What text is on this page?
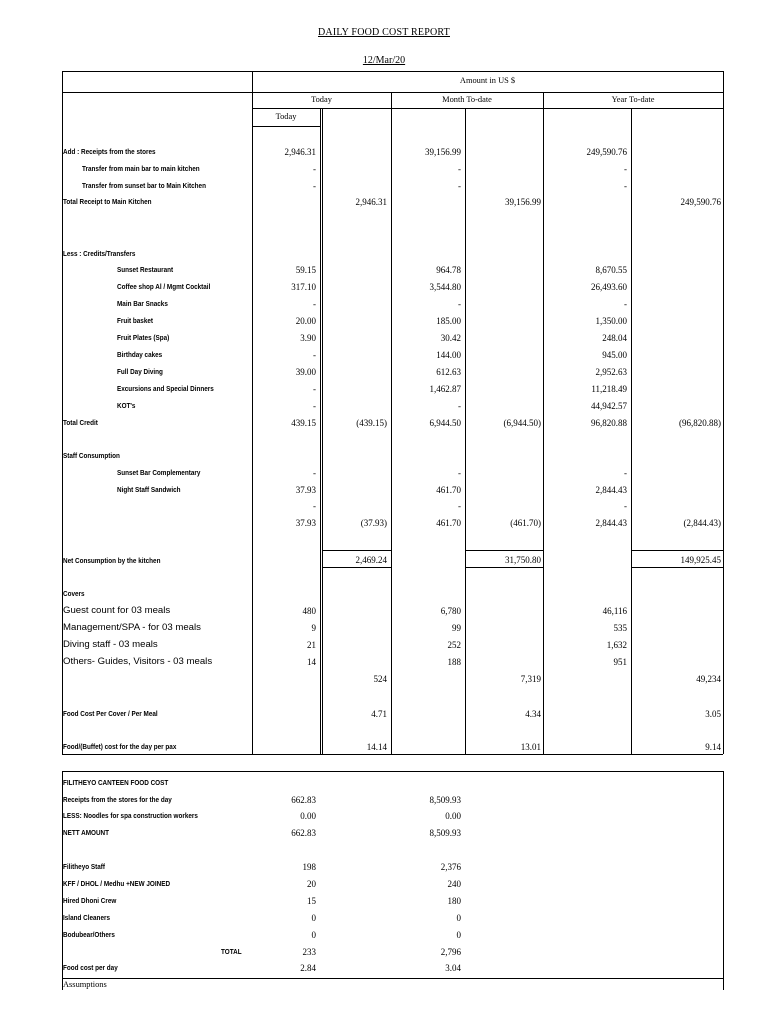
DAILY FOOD COST REPORT
12/Mar/20
Amount in US $
Today	Month To-date	Year To-date
Today
Add : Receipts from the stores	2,946.31	39,156.99	249,590.76
Transfer from main bar to main kitchen	-	-	-
Transfer from sunset bar to Main Kitchen	-	-	-
Total Receipt to Main Kitchen	2,946.31	39,156.99	249,590.76
Less : Credits/Transfers
Sunset Restaurant	59.15	964.78	8,670.55
Coffee shop Al / Mgmt Cocktail	317.10	3,544.80	26,493.60
Main Bar Snacks	-	-	-
Fruit basket	20.00	185.00	1,350.00
Fruit Plates (Spa)	3.90	30.42	248.04
Birthday cakes	-	144.00	945.00
Full Day Diving	39.00	612.63	2,952.63
Excursions and Special Dinners	-	1,462.87	11,218.49
KOT's	-	-	44,942.57
Total Credit	439.15	(439.15)	6,944.50	(6,944.50)	96,820.88	(96,820.88)
Staff Consumption
Sunset Bar Complementary	-	-	-
Night Staff Sandwich	37.93	461.70	2,844.43
-	-	-
37.93	(37.93)	461.70	(461.70)	2,844.43	(2,844.43)
Net Consumption by the kitchen	2,469.24	31,750.80	149,925.45
Covers
Guest count for 03 meals	480	6,780	46,116
Management/SPA - for 03 meals	9	99	535
Diving staff - 03 meals	21	252	1,632
Others- Guides, Visitors - 03 meals	14	188	951
524	7,319	49,234
Food Cost Per Cover / Per Meal	4.71	4.34	3.05
Food/(Buffet) cost for the day per pax	14.14	13.01	9.14
FILITHEYO CANTEEN FOOD COST
Receipts from the stores for the day	662.83	8,509.93
LESS: Noodles for spa construction workers	0.00	0.00
NETT AMOUNT	662.83	8,509.93
Filitheyo Staff	198	2,376
KFF / DHOL / Medhu +NEW JOINED	20	240
Hired Dhoni Crew	15	180
Island Cleaners	0	0
Bodubear/Others	0	0
TOTAL	233	2,796
Food cost per day	2.84	3.04
Assumptions
